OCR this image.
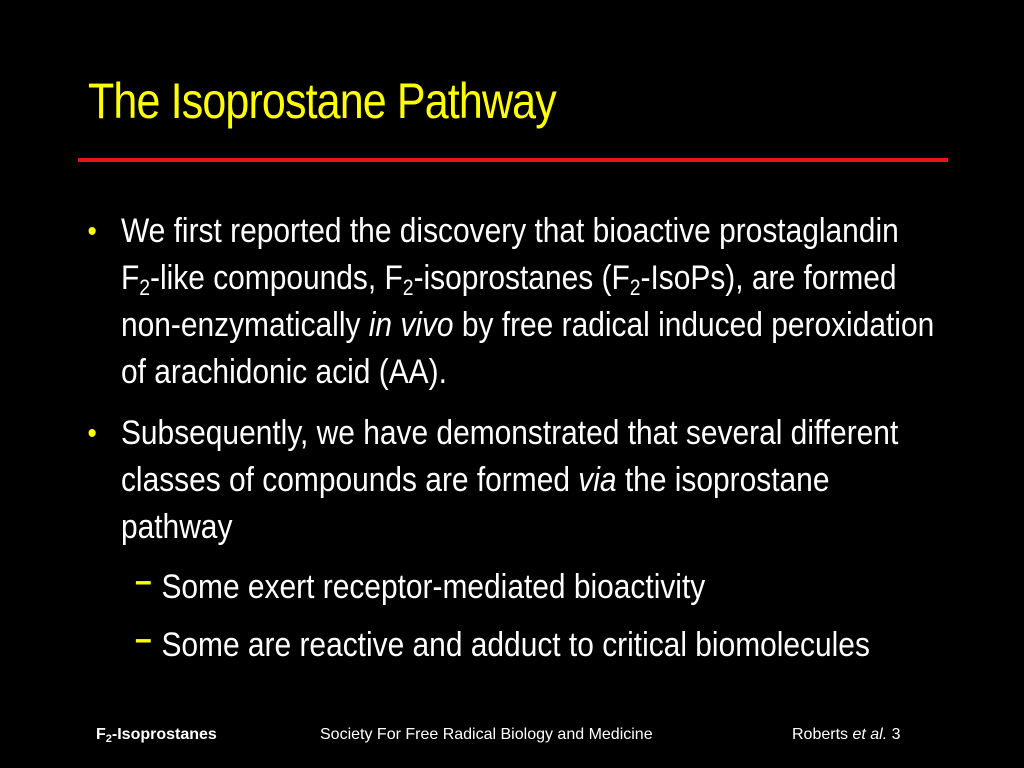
The Isoprostane Pathway
• We first reported the discovery that bioactive prostaglandin $F_2$-like compounds, $F_2$-isoprostanes $(F_2-IsoPs)$, are formed non-enzymatically in vivo by free radical induced peroxidation of arachidonic acid (AA).
• Subsequently, we have demonstrated that several different classes of compounds are formed via the isoprostane pathway
– Some exert receptor-mediated bioactivity
– Some are reactive and adduct to critical biomolecules
$F_2$-Isoprostanes	Society For Free Radical Biology and Medicine	Roberts et al. 3
